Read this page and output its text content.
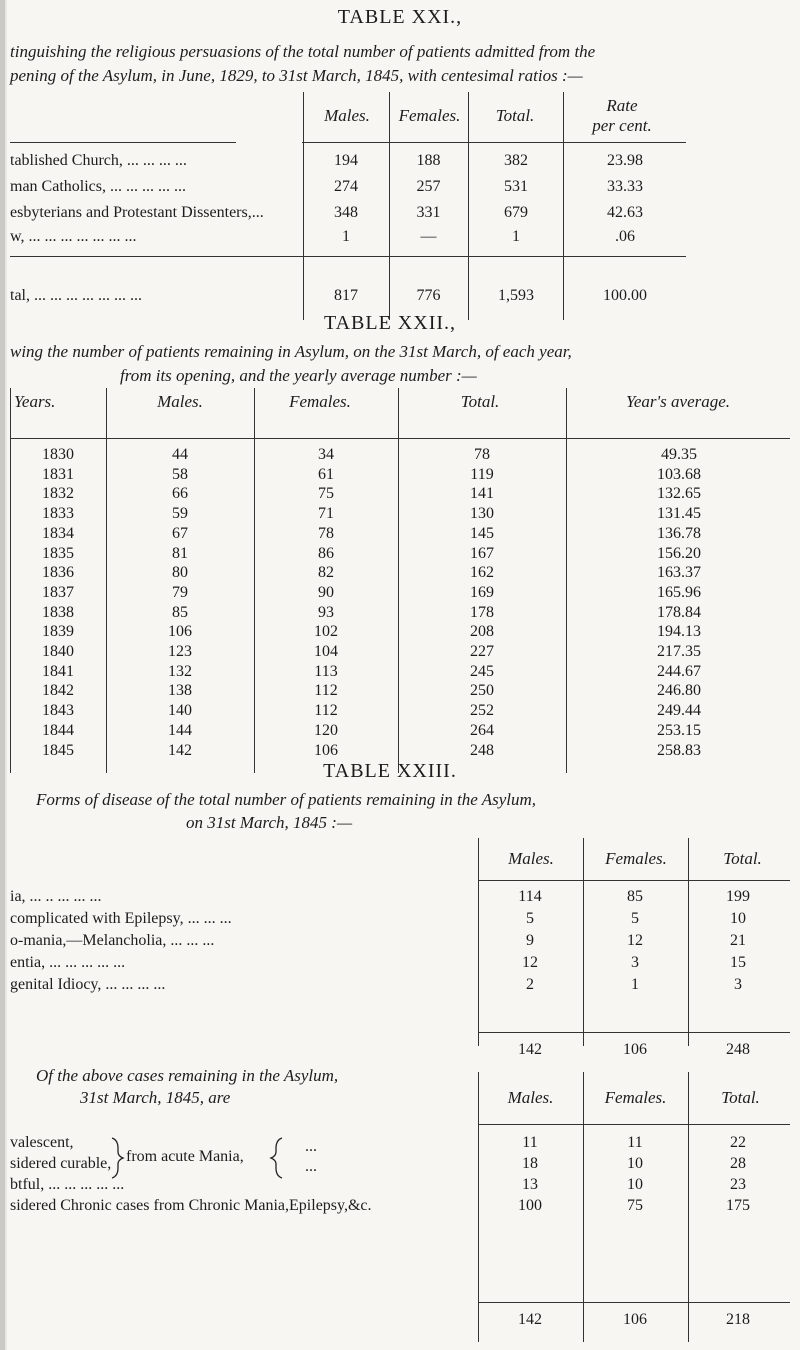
TABLE XXI.,
tinguishing the religious persuasions of the total number of patients admitted from the
pening of the Asylum, in June, 1829, to 31st March, 1845, with centesimal ratios :—
Males.	Females.	Total.
Rate
per cent.
tablished Church, ... ... ... ...	194	188	382	23.98
man Catholics, ... ... ... ... ...	274	257	531	33.33
esbyterians and Protestant Dissenters,...	348	331	679	42.63
w, ... ... ... ... ... ... ...	1	—	1	.06
tal, ... ... ... ... ... ... ...	817	776	1,593	100.00
TABLE XXII.,
wing the number of patients remaining in Asylum, on the 31st March, of each year,
from its opening, and the yearly average number :—
Years.	Males.	Females.	Total.	Year's average.
1830	44	34	78	49.35
1831	58	61	119	103.68
1832	66	75	141	132.65
1833	59	71	130	131.45
1834	67	78	145	136.78
1835	81	86	167	156.20
1836	80	82	162	163.37
1837	79	90	169	165.96
1838	85	93	178	178.84
1839	106	102	208	194.13
1840	123	104	227	217.35
1841	132	113	245	244.67
1842	138	112	250	246.80
1843	140	112	252	249.44
1844	144	120	264	253.15
1845	142	106	248	258.83
TABLE XXIII.
Forms of disease of the total number of patients remaining in the Asylum,
on 31st March, 1845 :—
Males.	Females.	Total.
ia, ... .. ... ... ...	114	85	199
complicated with Epilepsy, ... ... ...	5	5	10
o-mania,—Melancholia, ... ... ...	9	12	21
entia, ... ... ... ... ...	12	3	15
genital Idiocy, ... ... ... ...	2	1	3
142	106	248
Of the above cases remaining in the Asylum,
31st March, 1845, are	Males.	Females.	Total.
from acute Mania,
...
...
valescent,	11	11	22
sidered curable,	18	10	28
btful, ... ... ... ... ...	13	10	23
sidered Chronic cases from Chronic Mania,Epilepsy,&c.	100	75	175
142	106	218
